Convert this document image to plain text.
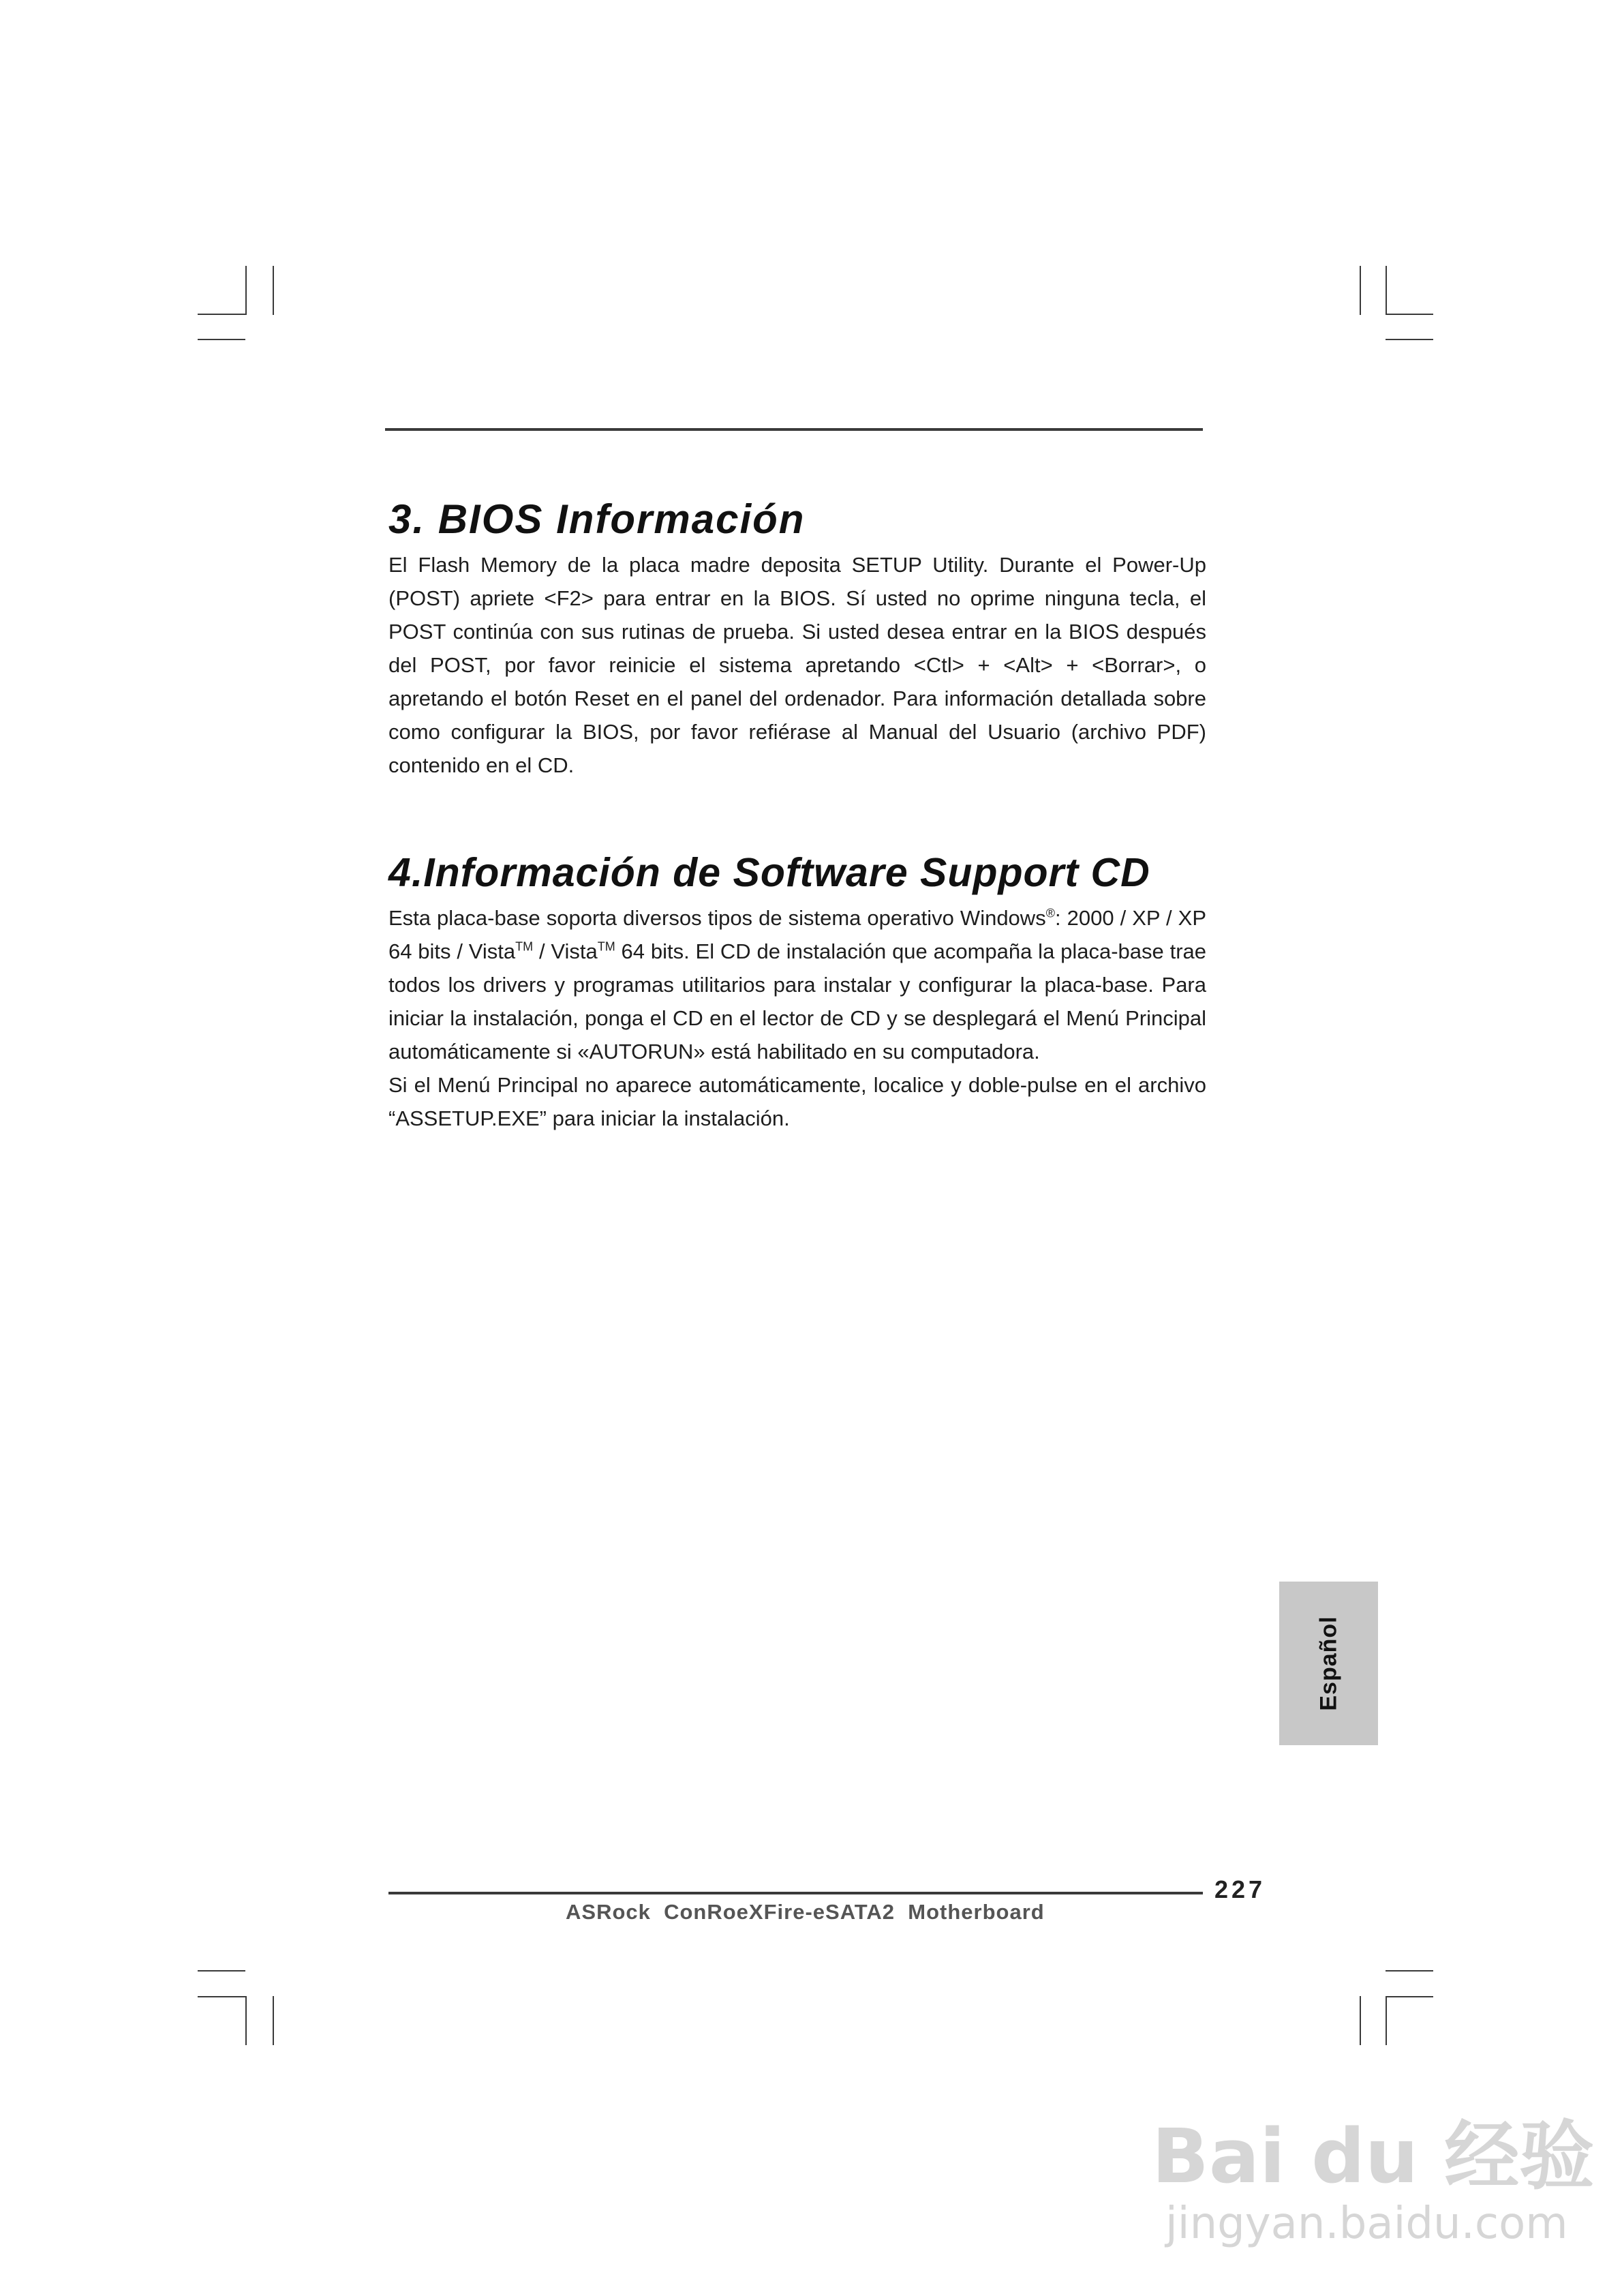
3. BIOS Información

El Flash Memory de la placa madre deposita SETUP Utility. Durante el Power-Up (POST) apriete <F2> para entrar en la BIOS. Sí usted no oprime ninguna tecla, el POST continúa con sus rutinas de prueba. Si usted desea entrar en la BIOS después del POST, por favor reinicie el sistema apretando <Ctl> + <Alt> + <Borrar>, o apretando el botón Reset en el panel del ordenador. Para información detallada sobre como configurar la BIOS, por favor refiérase al Manual del Usuario (archivo PDF) contenido en el CD.

4.Información de Software Support CD

Esta placa-base soporta diversos tipos de sistema operativo Windows®: 2000 / XP / XP 64 bits / Vista™ / Vista™ 64 bits. El CD de instalación que acompaña la placa-base trae todos los drivers y programas utilitarios para instalar y configurar la placa-base. Para iniciar la instalación, ponga el CD en el lector de CD y se desplegará el Menú Principal automáticamente si «AUTORUN» está habilitado en su computadora.

Si el Menú Principal no aparece automáticamente, localice y doble-pulse en el archivo “ASSETUP.EXE” para iniciar la instalación.

Español
227
ASRock  ConRoeXFire-eSATA2  Motherboard
Bai du 经验
jingyan.baidu.com
